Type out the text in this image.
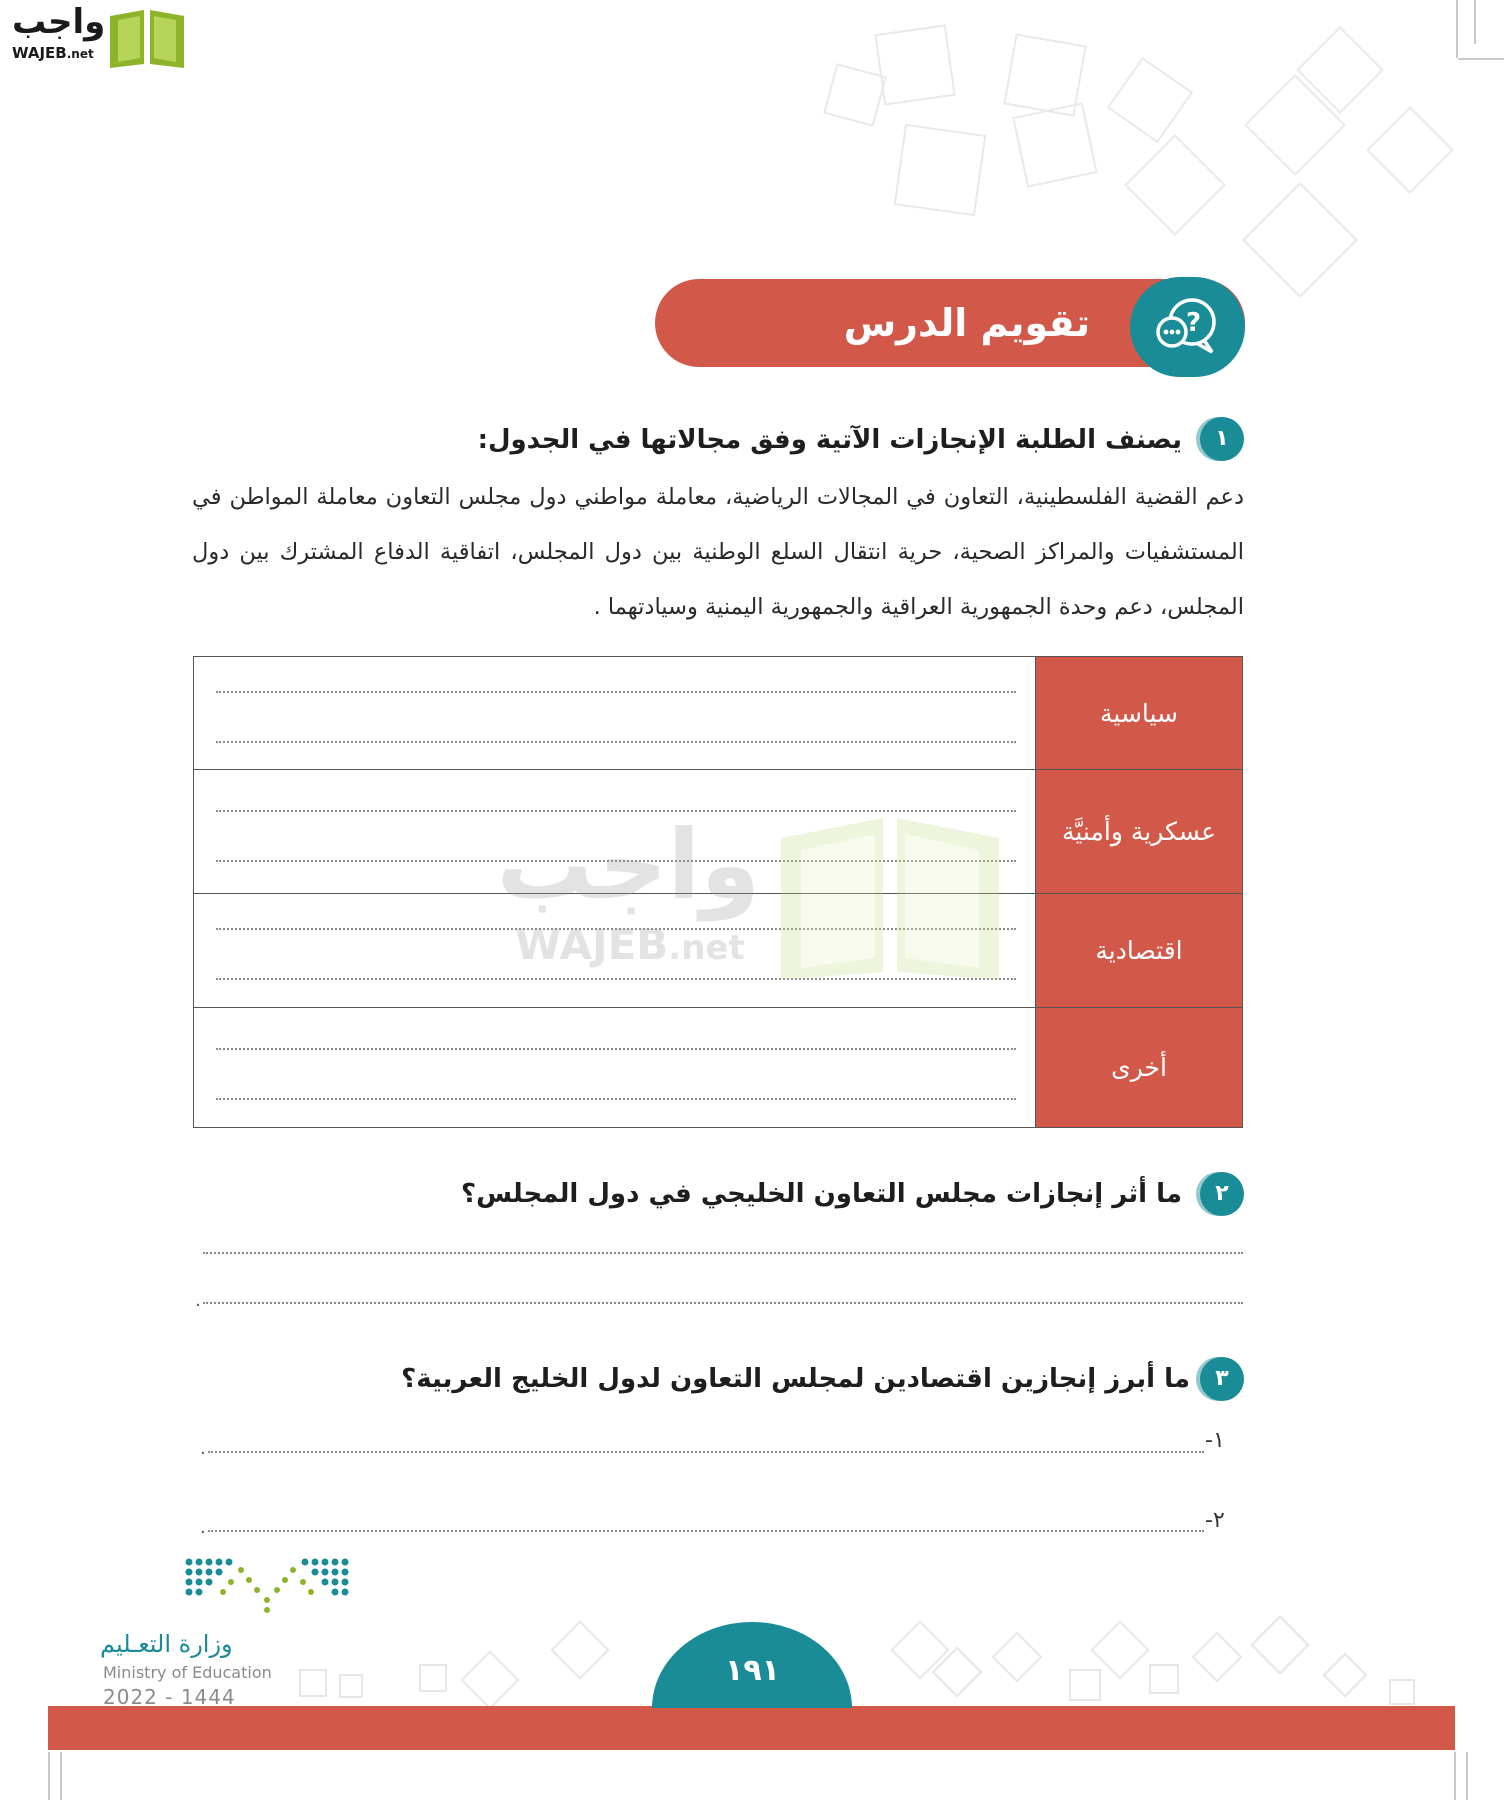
واجب
WAJEB.net
تقويم الدرس العشرين
?
١
يصنف الطلبة الإنجازات الآتية وفق مجالاتها في الجدول:
دعم القضية الفلسطينية، التعاون في المجالات الرياضية، معاملة مواطني دول مجلس التعاون معاملة المواطن في المستشفيات والمراكز الصحية، حرية انتقال السلع الوطنية بين دول المجلس، اتفاقية الدفاع المشترك بين دول المجلس، دعم وحدة الجمهورية العراقية والجمهورية اليمنية وسيادتهما .
سياسية
عسكرية وأمنيَّة
اقتصادية
أخرى
واجب
WAJEB.net
٢
ما أثر إنجازات مجلس التعاون الخليجي في دول المجلس؟
.
٣
ما أبرز إنجازين اقتصادين لمجلس التعاون لدول الخليج العربية؟
١-
.
٢-
.
١٩١
وزارة التعـليم
Ministry of Education
2022 - 1444
